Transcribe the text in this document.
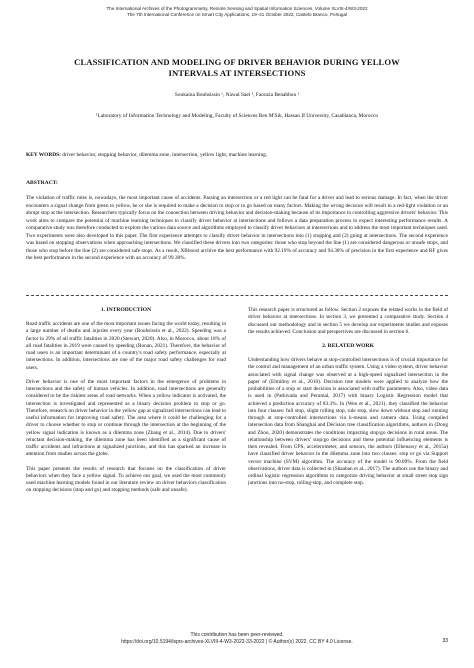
The International Archives of the Photogrammetry, Remote Sensing and Spatial Information Sciences, Volume XLVIII-4/W3-2022
The 7th International Conference on Smart City Applications, 19–21 October 2022, Castelo Branco, Portugal
CLASSIFICATION AND MODELING OF DRIVER BEHAVIOR DURING YELLOW
INTERVALS AT INTERSECTIONS
Soukaina Bouhsissin ¹, Nawal Sael ¹, Faouzia Benabbou ¹
¹Laboratory of Information Technology and Modeling, Faculty of Sciences Ben M'Sik, Hassan II University, Casablanca, Morocco
KEY WORDS: driver behavior, stopping behavior, dilemma zone, intersection, yellow light, machine learning.
ABSTRACT:
The violation of traffic rules is, nowadays, the most important cause of accidents. Passing an intersection or a red light can be fatal for a driver and lead to serious damage. In fact, when the driver encounters a signal change from green to yellow, he or she is required to make a decision to stop or to go based on many factors. Making the wrong decision will result in a red-light violation or an abrupt stop at the intersection. Researchers typically focus on the connection between driving behavior and decision-making because of its importance in controlling aggressive drivers' behavior. This work aims to compare the potential of machine learning techniques to classify driver behavior at intersections and follows a data preparation process to expect interesting performance results. A comparative study was therefore conducted to explore the various data source and algorithms employed to classify driver behaviors at intersections and to address the most important techniques used. Two experiments were also developed in this paper. The first experience attempts to classify driver behavior in intersections into (1) stopping and (2) going at intersections. The second experience was based on stopping observations when approaching intersections. We classified these drivers into two categories: those who stop beyond the line (1) are considered dangerous or unsafe stops, and those who stop before the line (2) are considered safe stops. As a result, XBboost archive the best performance with 92.19% of accuracy and 94.38% of precision in the first experience and RF gives the best performance in the second experience with an accuracy of 99.38%.
1. INTRODUCTION

Road traffic accidents are one of the most important issues facing the world today, resulting in a large number of deaths and injuries every year (Bouhsissin et al., 2022). Speeding was a factor in 29% of all traffic fatalities in 2020 (Stewart, 2020). Also, in Morocco, about 18% of all road fatalities in 2019 were caused by speeding (Ronan, 2021). Therefore, the behavior of road users is an important determinant of a country's road safety performance, especially at intersections. In addition, intersections are one of the major road safety challenges for road users.

Driver behavior is one of the most important factors in the emergence of problems in intersections and the safety of human vehicles. In addition, road intersections are generally considered to be the riskiest areas of road networks. When a yellow indicator is activated, the intersection is investigated and represented as a binary decision problem to stop or go. Therefore, research on driver behavior in the yellow gap at signalized intersections can lead to useful information for improving road safety. The area where it could be challenging for a driver to choose whether to stop or continue through the intersection at the beginning of the yellow signal indication is known as a dilemma zone (Zhang et al., 2014). Due to drivers' reluctant decision-making, the dilemma zone has been identified as a significant cause of traffic accidents and infractions at signalized junctions, and this has sparked an increase in attention from studies across the globe.

This paper presents the results of research that focuses on the classification of driver behaviors when they face a yellow signal. To achieve our goal, we used the most commonly used machine learning models found in our literature review on driver behaviors classification on stopping decisions (stop and go) and stopping methods (safe and unsafe).

This research paper is structured as follow. Section 2 exposes the related works in the field of driver behavior at intersections. In section 3, we presented a comparative study. Section 4 discussed our methodology and in section 5 we develop our experiments studies and exposes the results achieved. Conclusion and perspectives are discussed in section 6.

2. RELATED WORK

Understanding how drivers behave at stop-controlled intersections is of crucial importance for the control and management of an urban traffic system. Using a video system, driver behavior associated with signal change was observed at a high-speed signalized intersection in the paper of (Elmitiny et al., 2010). Decision tree models were applied to analyze how the probabilities of a stop or start decision is associated with traffic parameters. Also, video data is used in (Pathivada and Perumal, 2017) with binary Logistic Regression model that achieved a prediction accuracy of 83.3%. In (Wen et al., 2021), they classified the behavior into four classes: full stop, slight rolling stop, rule stop, slow down without stop and running through at stop-controlled intersections via k-means and camera data. Using compiled intersection data from Shanghai and Decision tree classification algorithms, authors in (Dong and Zhou, 2020) demonstrates the conditions impacting stop/go decisions in rural areas. The relationship between drivers' stop/go decisions and these potential influencing elements is then revealed. From GPS, accelerometer, and sensors, the authors (Elhenawy et al., 2015a) have classified driver behavior in the dilemma zone into two classes: stop or go via Support vector machine (SVM) algorithm. The accuracy of the model is 90.09%. From the field observations, driver data is collected in (Shaaban et al., 2017). The authors use the binary and ordinal logistic regression algorithms to categorize driving behavior at small street stop sign junctions into no-stop, rolling-stop, and complete stop.

This contribution has been peer-reviewed.
https://doi.org/10.5194/isprs-archives-XLVIII-4-W3-2022-33-2022 | © Author(s) 2022. CC BY 4.0 License.	33
